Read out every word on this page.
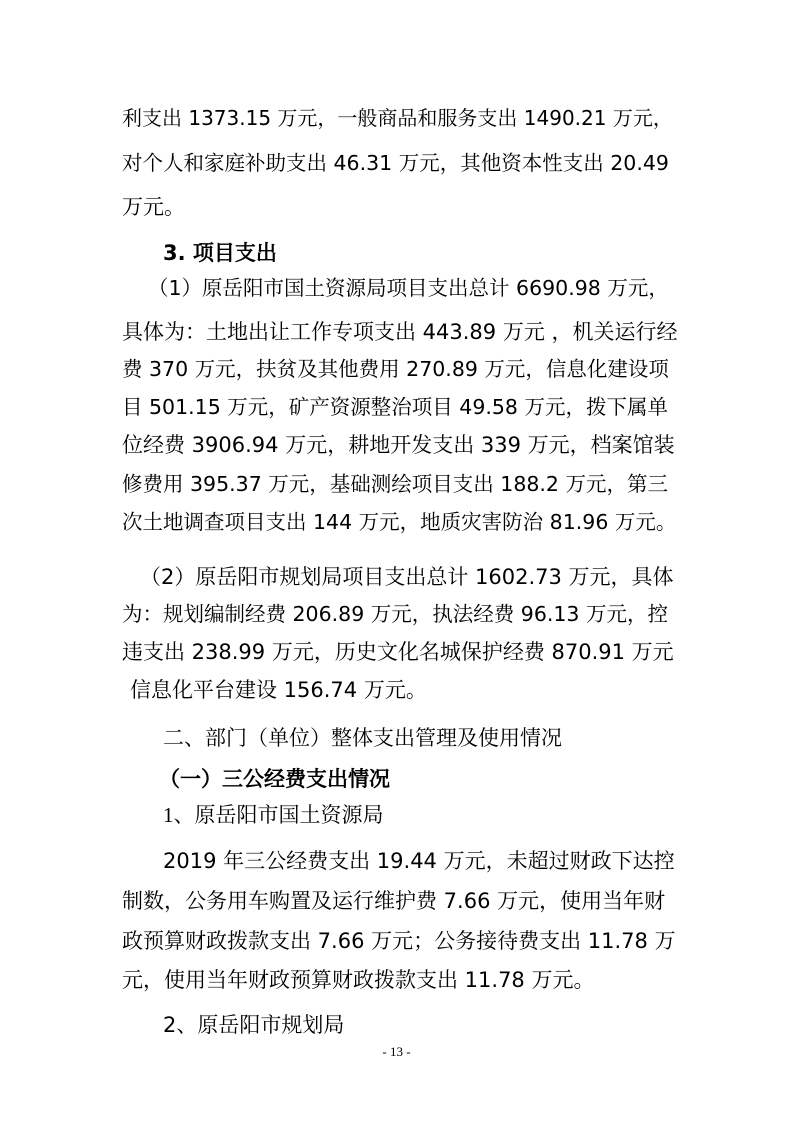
利支出 1373.15 万元，一般商品和服务支出 1490.21 万元，
对个人和家庭补助支出 46.31 万元，其他资本性支出 20.49
万元。
3. 项目支出
（1）原岳阳市国土资源局项目支出总计 6690.98 万元，
具体为：土地出让工作专项支出 443.89 万元 ，机关运行经
费 370 万元，扶贫及其他费用 270.89 万元，信息化建设项
目 501.15 万元，矿产资源整治项目 49.58 万元，拨下属单
位经费 3906.94 万元，耕地开发支出 339 万元，档案馆装
修费用 395.37 万元，基础测绘项目支出 188.2 万元，第三
次土地调查项目支出 144 万元，地质灾害防治 81.96 万元。
（2）原岳阳市规划局项目支出总计 1602.73 万元，具体
为：规划编制经费 206.89 万元，执法经费 96.13 万元，控
违支出 238.99 万元，历史文化名城保护经费 870.91 万元
信息化平台建设 156.74 万元。
二、部门（单位）整体支出管理及使用情况
（一）三公经费支出情况
1、原岳阳市国土资源局
2019 年三公经费支出 19.44 万元，未超过财政下达控
制数，公务用车购置及运行维护费 7.66 万元，使用当年财
政预算财政拨款支出 7.66 万元；公务接待费支出 11.78 万
元，使用当年财政预算财政拨款支出 11.78 万元。
2、原岳阳市规划局
- 13 -
